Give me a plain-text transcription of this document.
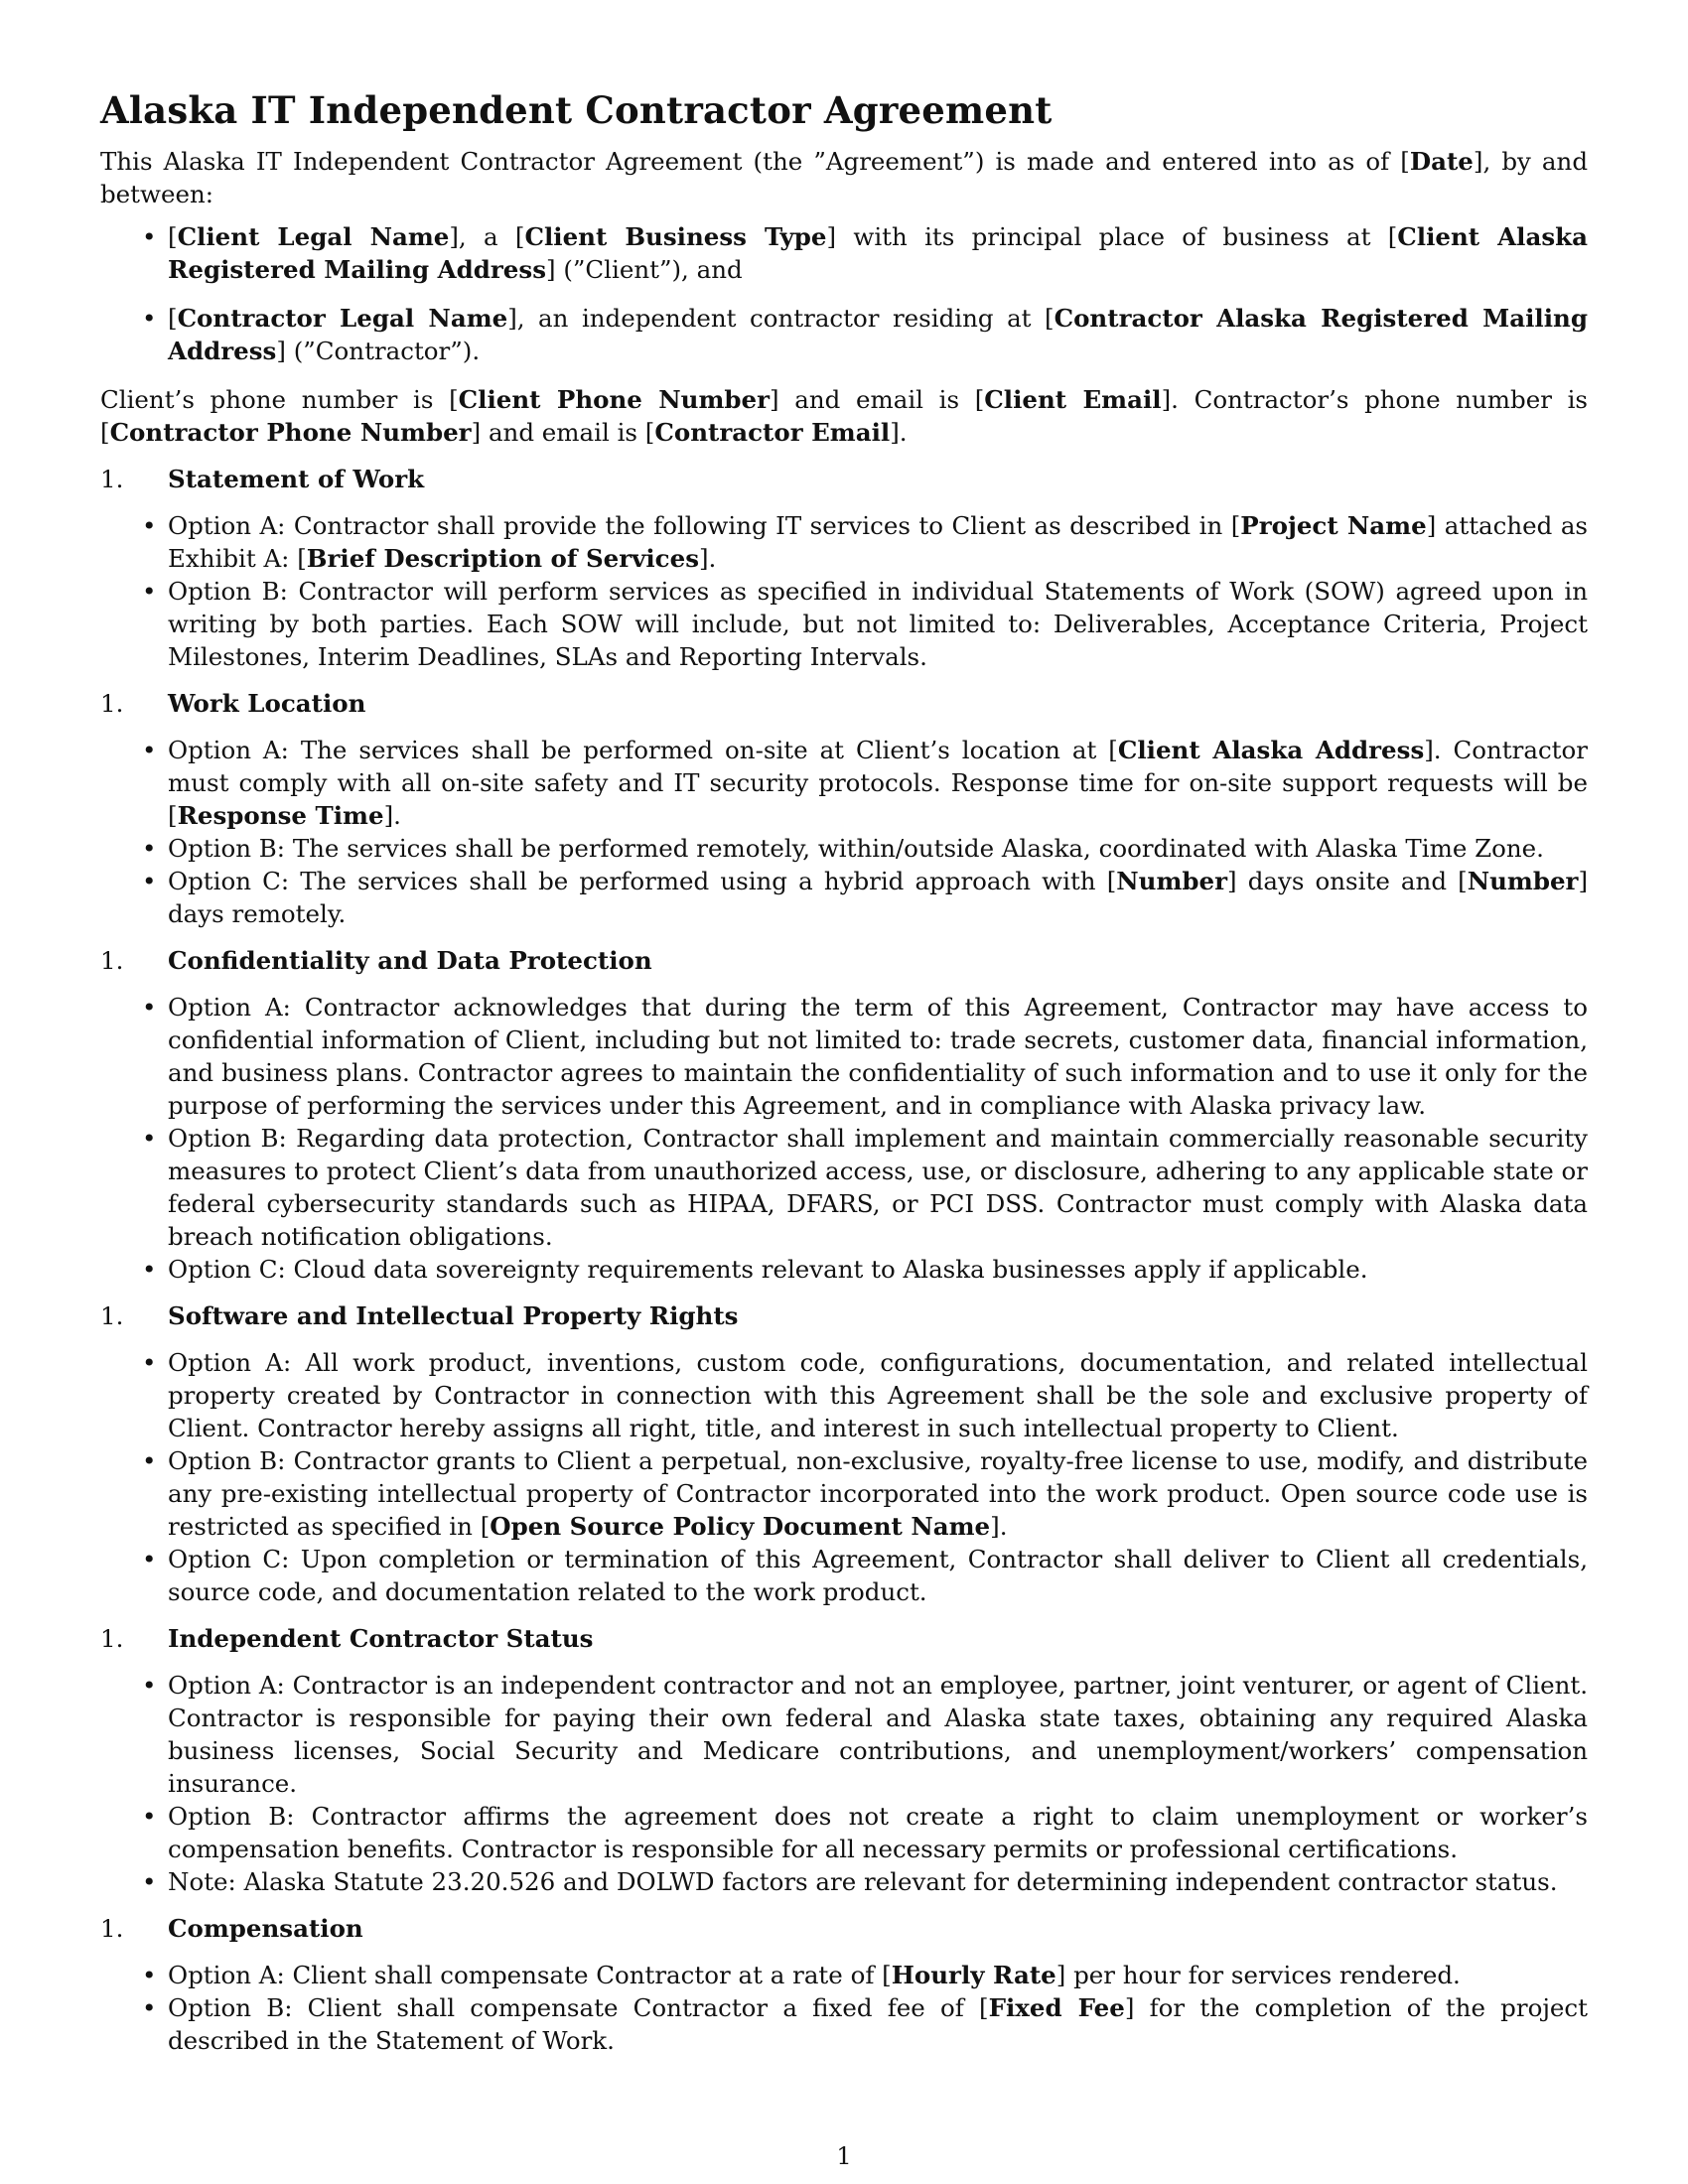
Alaska IT Independent Contractor Agreement

This Alaska IT Independent Contractor Agreement (the ”Agreement”) is made and entered into as of [Date], by and between:

• [Client Legal Name], a [Client Business Type] with its principal place of business at [Client Alaska Registered Mailing Address] (”Client”), and
• [Contractor Legal Name], an independent contractor residing at [Contractor Alaska Registered Mailing Address] (”Contractor”).

Client’s phone number is [Client Phone Number] and email is [Client Email]. Contractor’s phone number is [Contractor Phone Number] and email is [Contractor Email].

1. Statement of Work
• Option A: Contractor shall provide the following IT services to Client as described in [Project Name] attached as Exhibit A: [Brief Description of Services].
• Option B: Contractor will perform services as specified in individual Statements of Work (SOW) agreed upon in writing by both parties. Each SOW will include, but not limited to: Deliverables, Acceptance Criteria, Project Milestones, Interim Deadlines, SLAs and Reporting Intervals.
1. Work Location
• Option A: The services shall be performed on-site at Client’s location at [Client Alaska Address]. Contractor must comply with all on-site safety and IT security protocols. Response time for on-site support requests will be [Response Time].
• Option B: The services shall be performed remotely, within/outside Alaska, coordinated with Alaska Time Zone.
• Option C: The services shall be performed using a hybrid approach with [Number] days onsite and [Number] days remotely.
1. Confidentiality and Data Protection
• Option A: Contractor acknowledges that during the term of this Agreement, Contractor may have access to confidential information of Client, including but not limited to: trade secrets, customer data, financial information, and business plans. Contractor agrees to maintain the confidentiality of such information and to use it only for the purpose of performing the services under this Agreement, and in compliance with Alaska privacy law.
• Option B: Regarding data protection, Contractor shall implement and maintain commercially reasonable security measures to protect Client’s data from unauthorized access, use, or disclosure, adhering to any applicable state or federal cybersecurity standards such as HIPAA, DFARS, or PCI DSS. Contractor must comply with Alaska data breach notification obligations.
• Option C: Cloud data sovereignty requirements relevant to Alaska businesses apply if applicable.
1. Software and Intellectual Property Rights
• Option A: All work product, inventions, custom code, configurations, documentation, and related intellectual property created by Contractor in connection with this Agreement shall be the sole and exclusive property of Client. Contractor hereby assigns all right, title, and interest in such intellectual property to Client.
• Option B: Contractor grants to Client a perpetual, non-exclusive, royalty-free license to use, modify, and distribute any pre-existing intellectual property of Contractor incorporated into the work product. Open source code use is restricted as specified in [Open Source Policy Document Name].
• Option C: Upon completion or termination of this Agreement, Contractor shall deliver to Client all credentials, source code, and documentation related to the work product.
1. Independent Contractor Status
• Option A: Contractor is an independent contractor and not an employee, partner, joint venturer, or agent of Client. Contractor is responsible for paying their own federal and Alaska state taxes, obtaining any required Alaska business licenses, Social Security and Medicare contributions, and unemployment/workers’ compensation insurance.
• Option B: Contractor affirms the agreement does not create a right to claim unemployment or worker’s compensation benefits. Contractor is responsible for all necessary permits or professional certifications.
• Note: Alaska Statute 23.20.526 and DOLWD factors are relevant for determining independent contractor status.
1. Compensation
• Option A: Client shall compensate Contractor at a rate of [Hourly Rate] per hour for services rendered.
• Option B: Client shall compensate Contractor a fixed fee of [Fixed Fee] for the completion of the project described in the Statement of Work.
1
